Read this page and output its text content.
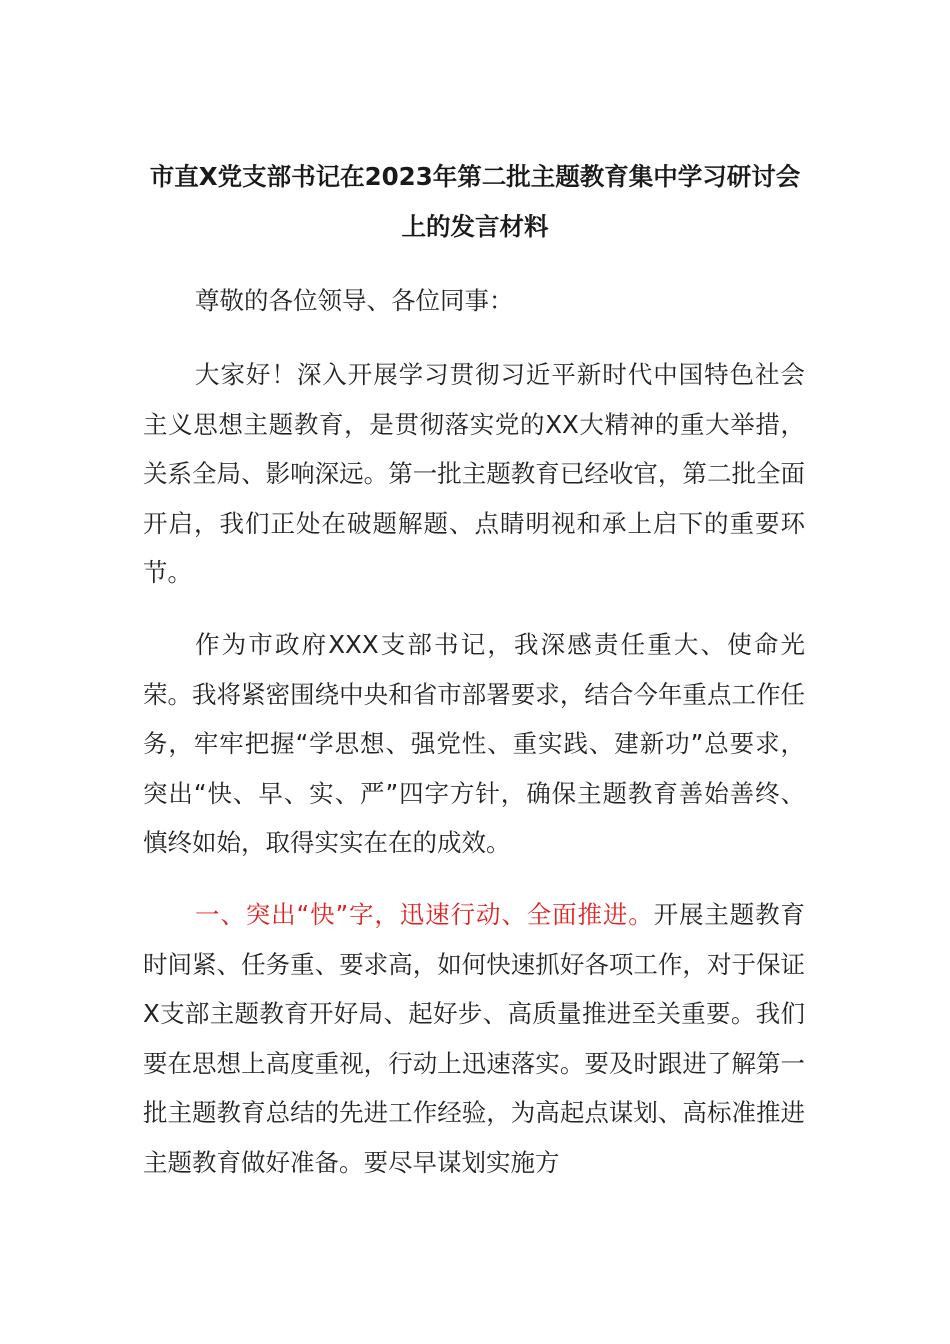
市直X党支部书记在2023年第二批主题教育集中学习研讨会上的发言材料

尊敬的各位领导、各位同事：

大家好！深入开展学习贯彻习近平新时代中国特色社会主义思想主题教育，是贯彻落实党的XX大精神的重大举措，关系全局、影响深远。第一批主题教育已经收官，第二批全面开启，我们正处在破题解题、点睛明视和承上启下的重要环节。

作为市政府XXX支部书记，我深感责任重大、使命光荣。我将紧密围绕中央和省市部署要求，结合今年重点工作任务，牢牢把握“学思想、强党性、重实践、建新功”总要求，突出“快、早、实、严”四字方针，确保主题教育善始善终、慎终如始，取得实实在在的成效。

一、突出“快”字，迅速行动、全面推进。开展主题教育时间紧、任务重、要求高，如何快速抓好各项工作，对于保证X支部主题教育开好局、起好步、高质量推进至关重要。我们要在思想上高度重视，行动上迅速落实。要及时跟进了解第一批主题教育总结的先进工作经验，为高起点谋划、高标准推进主题教育做好准备。要尽早谋划实施方
